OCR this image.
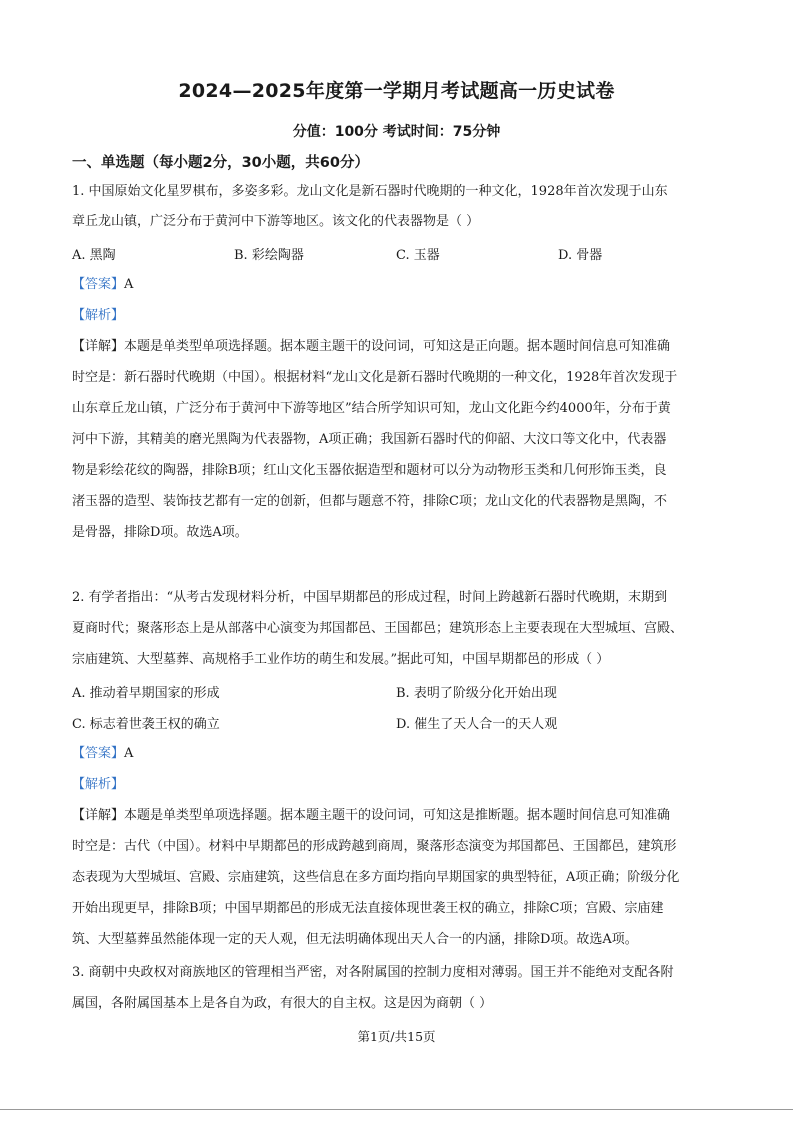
2024—2025年度第一学期月考试题高一历史试卷
分值：100分 考试时间：75分钟
一、单选题（每小题2分，30小题，共60分）
1. 中国原始文化星罗棋布，多姿多彩。龙山文化是新石器时代晚期的一种文化，1928年首次发现于山东
章丘龙山镇，广泛分布于黄河中下游等地区。该文化的代表器物是（ ）
A. 黑陶	B. 彩绘陶器	C. 玉器	D. 骨器
【答案】A
【解析】
【详解】本题是单类型单项选择题。据本题主题干的设问词，可知这是正向题。据本题时间信息可知准确
时空是：新石器时代晚期（中国）。根据材料“龙山文化是新石器时代晚期的一种文化，1928年首次发现于
山东章丘龙山镇，广泛分布于黄河中下游等地区”结合所学知识可知，龙山文化距今约4000年，分布于黄
河中下游，其精美的磨光黑陶为代表器物，A项正确；我国新石器时代的仰韶、大汶口等文化中，代表器
物是彩绘花纹的陶器，排除B项；红山文化玉器依据造型和题材可以分为动物形玉类和几何形饰玉类，良
渚玉器的造型、装饰技艺都有一定的创新，但都与题意不符，排除C项；龙山文化的代表器物是黑陶，不
是骨器，排除D项。故选A项。
2. 有学者指出：“从考古发现材料分析，中国早期都邑的形成过程，时间上跨越新石器时代晚期，末期到
夏商时代；聚落形态上是从部落中心演变为邦国都邑、王国都邑；建筑形态上主要表现在大型城垣、宫殿、
宗庙建筑、大型墓葬、高规格手工业作坊的萌生和发展。”据此可知，中国早期都邑的形成（ ）
A. 推动着早期国家的形成	B. 表明了阶级分化开始出现
C. 标志着世袭王权的确立	D. 催生了天人合一的天人观
【答案】A
【解析】
【详解】本题是单类型单项选择题。据本题主题干的设问词，可知这是推断题。据本题时间信息可知准确
时空是：古代（中国）。材料中早期都邑的形成跨越到商周，聚落形态演变为邦国都邑、王国都邑，建筑形
态表现为大型城垣、宫殿、宗庙建筑，这些信息在多方面均指向早期国家的典型特征，A项正确；阶级分化
开始出现更早，排除B项；中国早期都邑的形成无法直接体现世袭王权的确立，排除C项；宫殿、宗庙建
筑、大型墓葬虽然能体现一定的天人观，但无法明确体现出天人合一的内涵，排除D项。故选A项。
3. 商朝中央政权对商族地区的管理相当严密，对各附属国的控制力度相对薄弱。国王并不能绝对支配各附
属国，各附属国基本上是各自为政，有很大的自主权。这是因为商朝（ ）
第1页/共15页
